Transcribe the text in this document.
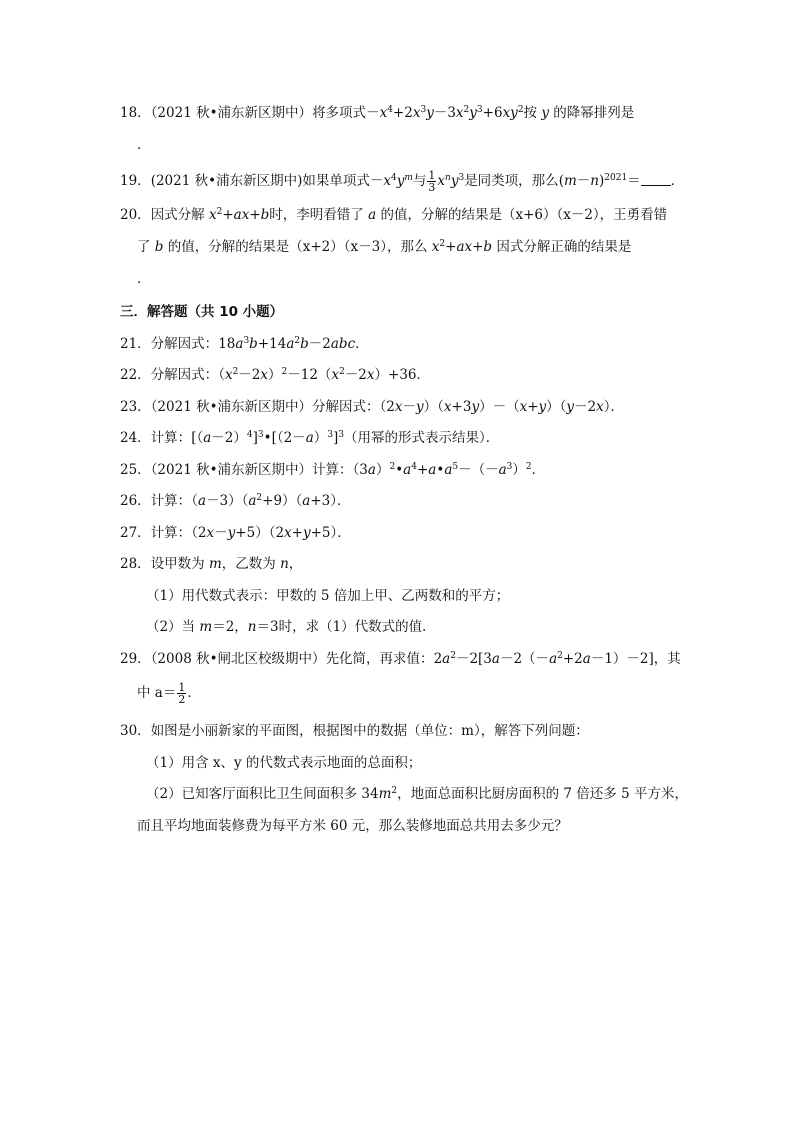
18．（2021 秋•浦东新区期中）将多项式$-x^4+2x^3y-3x^2y^3+6xy^2$按 y 的降幂排列是
．
19．(2021 秋•浦东新区期中)如果单项式$-x^4y^m$与 $\frac{1}{3} x^ny^3$是同类项，那么$(m-n)^{2021}=$ ．
20．因式分解 $x^2+ax+b$时，李明看错了 a 的值，分解的结果是（x+6）（x－2），王勇看错
了 b 的值，分解的结果是（x+2）（x－3），那么 $x^2+ax+b$ 因式分解正确的结果是
．
三．解答题（共 10 小题）
21．分解因式：$18a^3b+14a^2b-2abc$．
22．分解因式：$(x^2-2x)^2-12(x^2-2x)+36$．
23．（2021 秋•浦东新区期中）分解因式：（2x－y）（x+3y）－（x+y）（y－2x）．
24．计算：$[(a-2)^4]^3•[(2-a)^3]^3$（用幂的形式表示结果）．
25．（2021 秋•浦东新区期中）计算：$(3a)^2•a^4+a•a^5-(-a^3)^2$．
26．计算：$(a-3)(a^2+9)(a+3)$．
27．计算：（2x－y+5）（2x+y+5）．
28．设甲数为 m，乙数为 n，
（1）用代数式表示：甲数的 5 倍加上甲、乙两数和的平方；
（2）当 m＝2，n＝3时，求（1）代数式的值．
29．（2008 秋•闸北区校级期中）先化简，再求值：$2a^2-2[3a-2(-a^2+2a-1)-2]$，其
中 $a= \frac{1}{2}$ ．
30．如图是小丽新家的平面图，根据图中的数据（单位：m），解答下列问题：
（1）用含 x、y 的代数式表示地面的总面积；
（2）已知客厅面积比卫生间面积多 $34m^2$，地面总面积比厨房面积的 7 倍还多 5 平方米，
而且平均地面装修费为每平方米 60 元，那么装修地面总共用去多少元？
